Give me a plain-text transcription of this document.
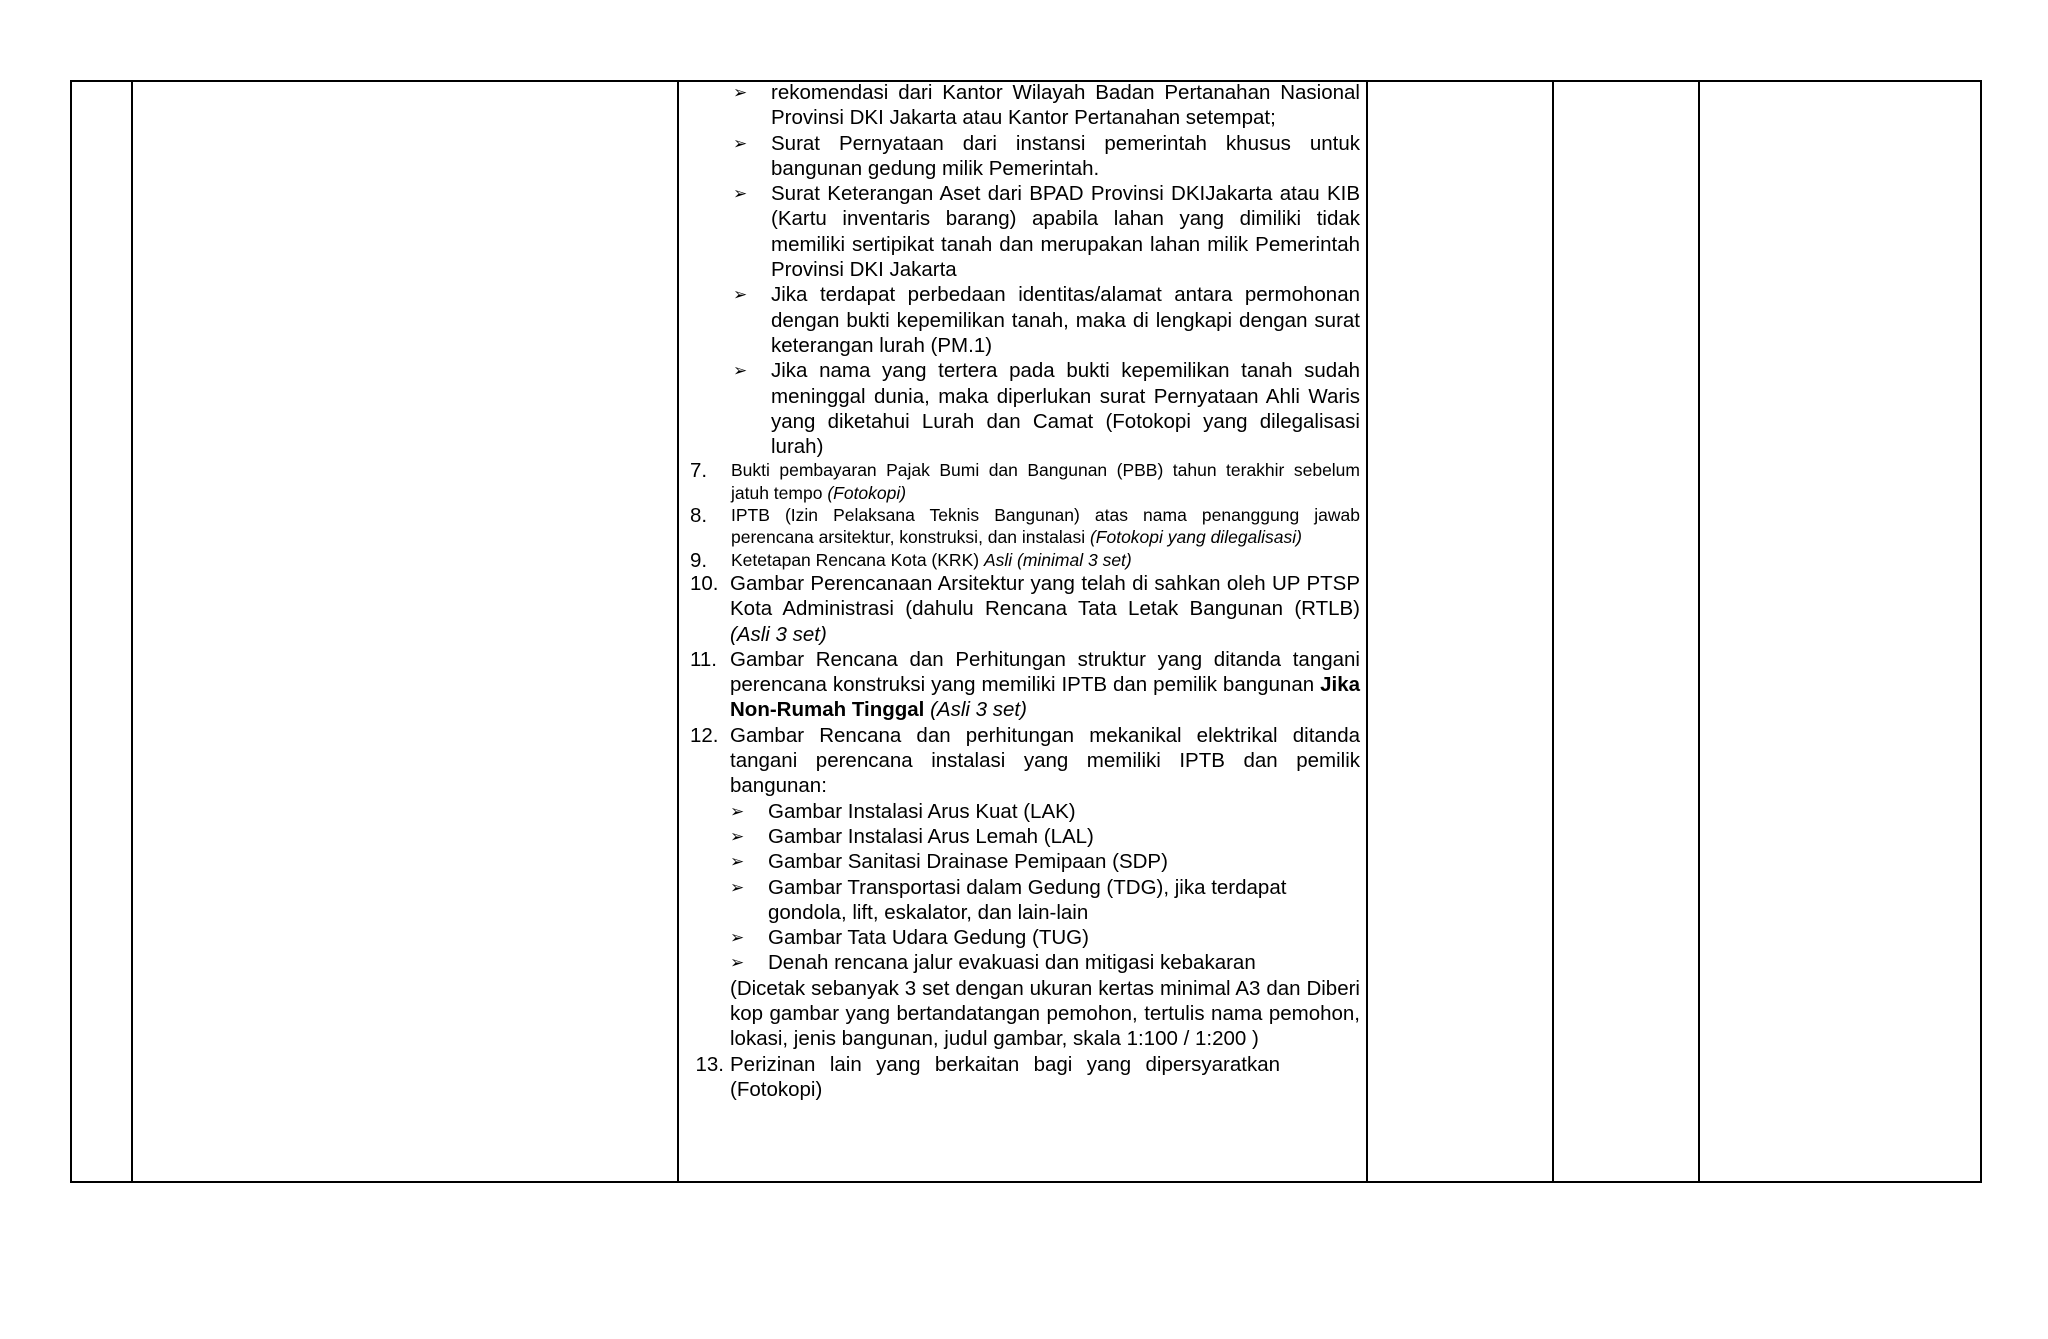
➢ rekomendasi dari Kantor Wilayah Badan Pertanahan Nasional Provinsi DKI Jakarta atau Kantor Pertanahan setempat;
➢ Surat Pernyataan dari instansi pemerintah khusus untuk bangunan gedung milik Pemerintah.
➢ Surat Keterangan Aset dari BPAD Provinsi DKIJakarta atau KIB (Kartu inventaris barang) apabila lahan yang dimiliki tidak memiliki sertipikat tanah dan merupakan lahan milik Pemerintah Provinsi DKI Jakarta
➢ Jika terdapat perbedaan identitas/alamat antara permohonan dengan bukti kepemilikan tanah, maka di lengkapi dengan surat keterangan lurah (PM.1)
➢ Jika nama yang tertera pada bukti kepemilikan tanah sudah meninggal dunia, maka diperlukan surat Pernyataan Ahli Waris yang diketahui Lurah dan Camat (Fotokopi yang dilegalisasi lurah)
7. Bukti pembayaran Pajak Bumi dan Bangunan (PBB) tahun terakhir sebelum jatuh tempo (Fotokopi)
8. IPTB (Izin Pelaksana Teknis Bangunan) atas nama penanggung jawab perencana arsitektur, konstruksi, dan instalasi (Fotokopi yang dilegalisasi)
9. Ketetapan Rencana Kota (KRK) Asli (minimal 3 set)
10. Gambar Perencanaan Arsitektur yang telah di sahkan oleh UP PTSP Kota Administrasi (dahulu Rencana Tata Letak Bangunan (RTLB) (Asli 3 set)
11. Gambar Rencana dan Perhitungan struktur yang ditanda tangani perencana konstruksi yang memiliki IPTB dan pemilik bangunan Jika Non-Rumah Tinggal (Asli 3 set)
12. Gambar Rencana dan perhitungan mekanikal elektrikal ditanda tangani perencana instalasi yang memiliki IPTB dan pemilik bangunan:
➢ Gambar Instalasi Arus Kuat (LAK)
➢ Gambar Instalasi Arus Lemah (LAL)
➢ Gambar Sanitasi Drainase Pemipaan (SDP)
➢ Gambar Transportasi dalam Gedung (TDG), jika terdapat gondola, lift, eskalator, dan lain-lain
➢ Gambar Tata Udara Gedung (TUG)
➢ Denah rencana jalur evakuasi dan mitigasi kebakaran
(Dicetak sebanyak 3 set dengan ukuran kertas minimal A3 dan Diberi kop gambar yang bertandatangan pemohon, tertulis nama pemohon, lokasi, jenis bangunan, judul gambar, skala 1:100 / 1:200 )
13. Perizinan lain yang berkaitan bagi yang dipersyaratkan (Fotokopi)
